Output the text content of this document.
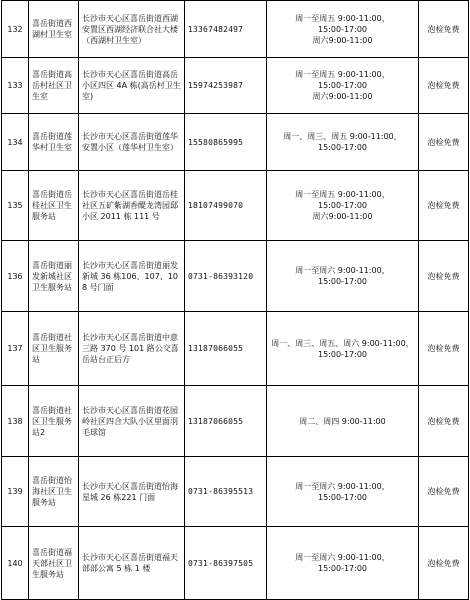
132	喜岳街道西湖村卫生室	长沙市天心区喜岳街道西湖安置区西湖经济联合社大楼（西湖村卫生室）	13367482497	周一至周五 9:00-11:00，
15:00-17:00
周六9:00-11:00	泡检免费
133	喜岳街道高岳村社区卫生室	长沙市天心区喜岳街道高岳小区四区 4A 栋(高岳村卫生室)	15974253987	周一至周五 9:00-11:00，
15:00-17:00
周六9:00-11:00	泡检免费
134	喜岳街道莲华村卫生室	长沙市天心区喜岳街道莲华安置小区（莲华村卫生室）	15580865995	周一、周三、周五 9:00-11:00，
15:00-17:00	泡检免费
135	喜岳街道岳桂社区卫生服务站	长沙市天心区喜岳街道岳桂社区五矿紫湖香醍龙湾园邸小区 2011 栋 111 号	18107499070	周一至周五 9:00-11:00，
15:00-17:00
周六9:00-11:00	泡检免费
136	喜岳街道丽发新城社区卫生服务站	长沙市天心区喜岳街道丽发新城 36 栋106、107、108 号门面	0731-86393120	周一至周六 9:00-11:00，
15:00-17:00	泡检免费
137	喜岳街道社区卫生服务站	长沙市天心区喜岳街道中意三路 370 号 101 路公交喜岳站台正后方	13187066055	周一、周三、周五、周六 9:00-11:00，
15:00-17:00	泡检免费
138	喜岳街道社区卫生服务站2	长沙市天心区喜岳街道花园岭社区四合大队小区里面羽毛球馆	13187066055	周二、周四 9:00-11:00	泡检免费
139	喜岳街道怡海社区卫生服务站	长沙市天心区喜岳街道怡海星城 26 栋221 门面	0731-86395513	周一至周六 9:00-11:00，
15:00-17:00	泡检免费
140	喜岳街道福天部社区卫生服务站	长沙市天心区喜岳街道福天部部公寓 5 栋 1 楼	0731-86397505	周一至周六 9:00-11:00，
15:00-17:00	泡检免费
